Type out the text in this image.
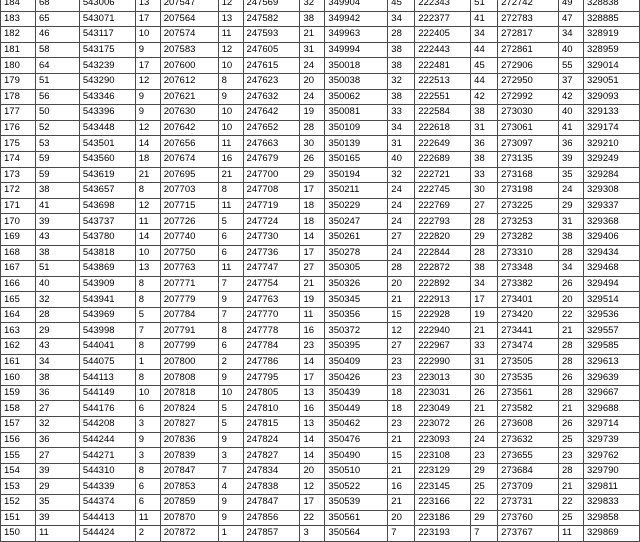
184	68	543006	13	207547	12	247569	32	349904	45	222343	51	272742	49	328838
183	65	543071	17	207564	13	247582	38	349942	34	222377	41	272783	47	328885
182	46	543117	10	207574	11	247593	21	349963	28	222405	34	272817	34	328919
181	58	543175	9	207583	12	247605	31	349994	38	222443	44	272861	40	328959
180	64	543239	17	207600	10	247615	24	350018	38	222481	45	272906	55	329014
179	51	543290	12	207612	8	247623	20	350038	32	222513	44	272950	37	329051
178	56	543346	9	207621	9	247632	24	350062	38	222551	42	272992	42	329093
177	50	543396	9	207630	10	247642	19	350081	33	222584	38	273030	40	329133
176	52	543448	12	207642	10	247652	28	350109	34	222618	31	273061	41	329174
175	53	543501	14	207656	11	247663	30	350139	31	222649	36	273097	36	329210
174	59	543560	18	207674	16	247679	26	350165	40	222689	38	273135	39	329249
173	59	543619	21	207695	21	247700	29	350194	32	222721	33	273168	35	329284
172	38	543657	8	207703	8	247708	17	350211	24	222745	30	273198	24	329308
171	41	543698	12	207715	11	247719	18	350229	24	222769	27	273225	29	329337
170	39	543737	11	207726	5	247724	18	350247	24	222793	28	273253	31	329368
169	43	543780	14	207740	6	247730	14	350261	27	222820	29	273282	38	329406
168	38	543818	10	207750	6	247736	17	350278	24	222844	28	273310	28	329434
167	51	543869	13	207763	11	247747	27	350305	28	222872	38	273348	34	329468
166	40	543909	8	207771	7	247754	21	350326	20	222892	34	273382	26	329494
165	32	543941	8	207779	9	247763	19	350345	21	222913	17	273401	20	329514
164	28	543969	5	207784	7	247770	11	350356	15	222928	19	273420	22	329536
163	29	543998	7	207791	8	247778	16	350372	12	222940	21	273441	21	329557
162	43	544041	8	207799	6	247784	23	350395	27	222967	33	273474	28	329585
161	34	544075	1	207800	2	247786	14	350409	23	222990	31	273505	28	329613
160	38	544113	8	207808	9	247795	17	350426	23	223013	30	273535	26	329639
159	36	544149	10	207818	10	247805	13	350439	18	223031	26	273561	28	329667
158	27	544176	6	207824	5	247810	16	350449	18	223049	21	273582	21	329688
157	32	544208	3	207827	5	247815	13	350462	23	223072	26	273608	26	329714
156	36	544244	9	207836	9	247824	14	350476	21	223093	24	273632	25	329739
155	27	544271	3	207839	3	247827	14	350490	15	223108	23	273655	23	329762
154	39	544310	8	207847	7	247834	20	350510	21	223129	29	273684	28	329790
153	29	544339	6	207853	4	247838	12	350522	16	223145	25	273709	21	329811
152	35	544374	6	207859	9	247847	17	350539	21	223166	22	273731	22	329833
151	39	544413	11	207870	9	247856	22	350561	20	223186	29	273760	25	329858
150	11	544424	2	207872	1	247857	3	350564	7	223193	7	273767	11	329869
